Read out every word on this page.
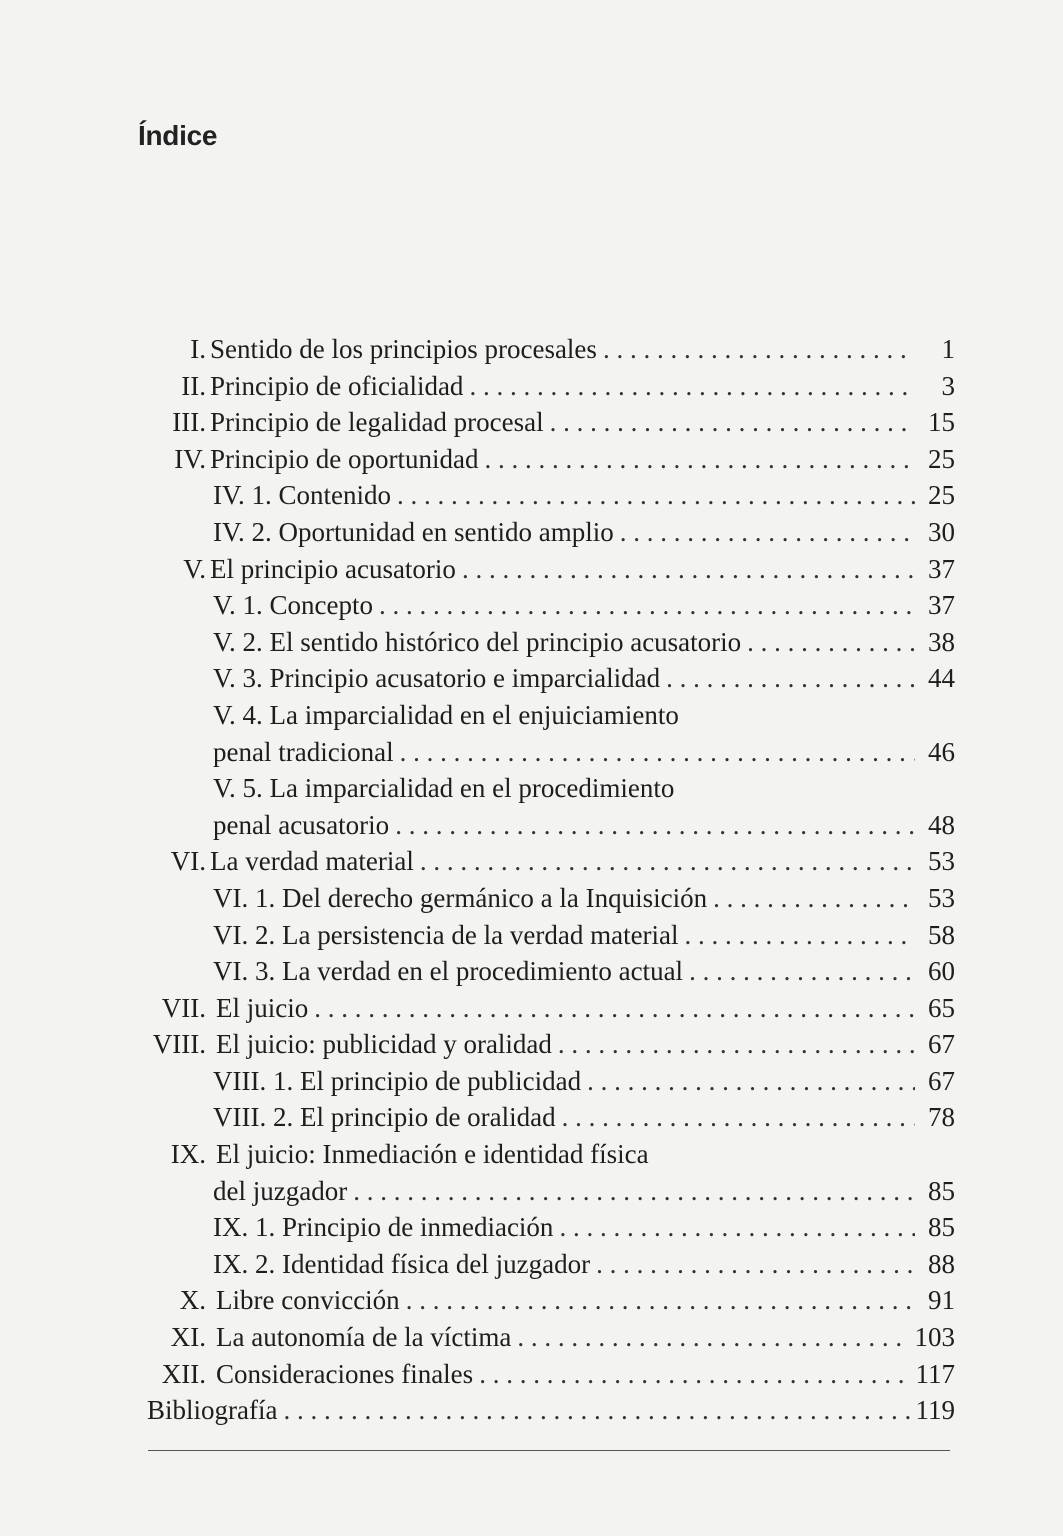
Índice
I. Sentido de los principios procesales . . .	1
II. Principio de oficialidad . . .	3
III. Principio de legalidad procesal . . .	15
IV. Principio de oportunidad . . .	25
IV. 1. Contenido . . .	25
IV. 2. Oportunidad en sentido amplio . . .	30
V. El principio acusatorio . . .	37
V. 1. Concepto . . .	37
V. 2. El sentido histórico del principio acusatorio . . .	38
V. 3. Principio acusatorio e imparcialidad . . .	44
V. 4. La imparcialidad en el enjuiciamiento
penal tradicional . . .	46
V. 5. La imparcialidad en el procedimiento
penal acusatorio . . .	48
VI. La verdad material . . .	53
VI. 1. Del derecho germánico a la Inquisición . . .	53
VI. 2. La persistencia de la verdad material . . .	58
VI. 3. La verdad en el procedimiento actual . . .	60
VII. El juicio . . .	65
VIII. El juicio: publicidad y oralidad . . .	67
VIII. 1. El principio de publicidad . . .	67
VIII. 2. El principio de oralidad . . .	78
IX. El juicio: Inmediación e identidad física
del juzgador . . .	85
IX. 1. Principio de inmediación . . .	85
IX. 2. Identidad física del juzgador . . .	88
X. Libre convicción . . .	91
XI. La autonomía de la víctima . . .	103
XII. Consideraciones finales . . .	117
Bibliografía . . .	119
